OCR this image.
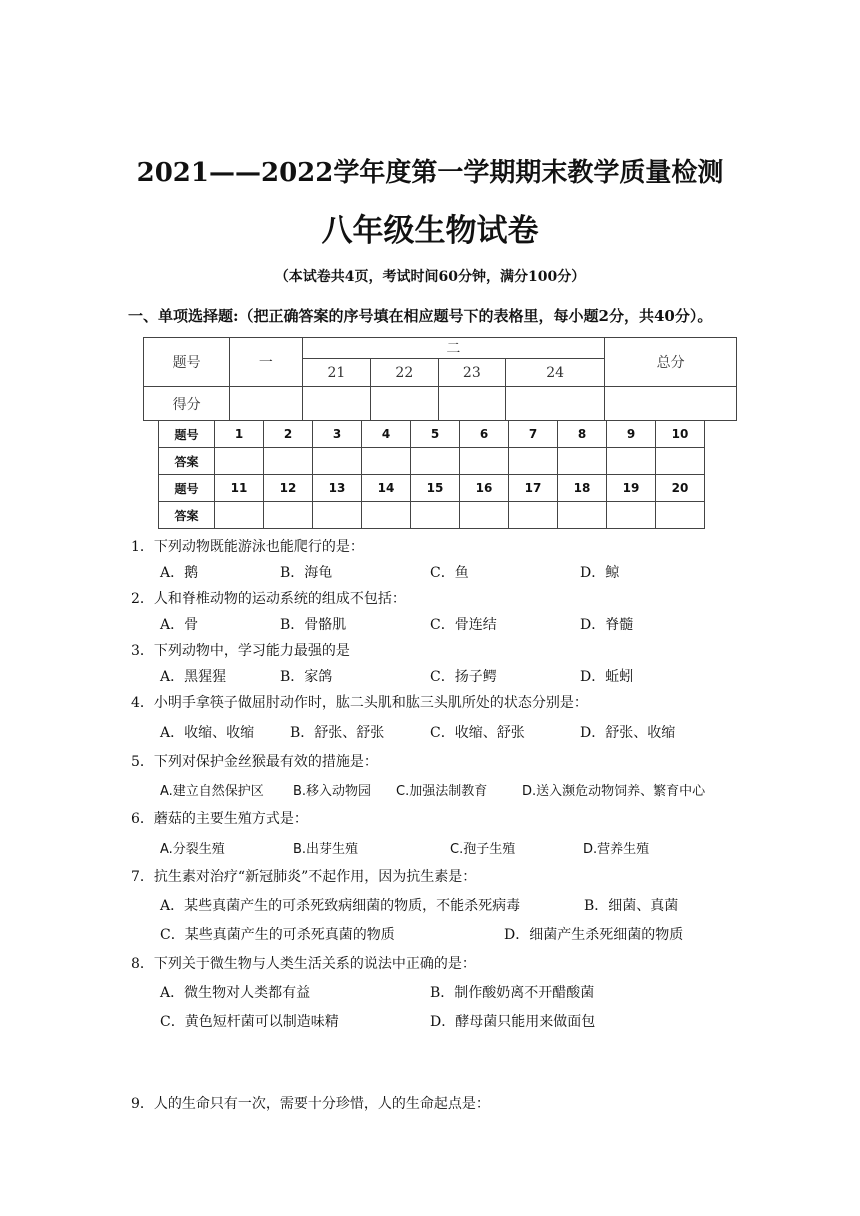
2021——2022学年度第一学期期末教学质量检测
八年级生物试卷
（本试卷共4页，考试时间60分钟，满分100分）
一、单项选择题:（把正确答案的序号填在相应题号下的表格里，每小题2分，共40分）。
题号	一	二				总分
		21	22	23	24	
得分						
题号	1	2	3	4	5	6	7	8	9	10
答案										
题号	11	12	13	14	15	16	17	18	19	20
答案										
1．下列动物既能游泳也能爬行的是：
A．鹅	B．海龟	C．鱼	D．鲸
2．人和脊椎动物的运动系统的组成不包括：
A．骨	B．骨骼肌	C．骨连结	D．脊髓
3．下列动物中，学习能力最强的是
A．黑猩猩	B．家鸽	C．扬子鳄	D．蚯蚓
4．小明手拿筷子做屈肘动作时，肱二头肌和肱三头肌所处的状态分别是：
A．收缩、收缩	B．舒张、舒张	C．收缩、舒张	D．舒张、收缩
5．下列对保护金丝猴最有效的措施是：
A.建立自然保护区 B.移入动物园 C.加强法制教育	D.送入濒危动物饲养、繁育中心
6．蘑菇的主要生殖方式是：
A.分裂生殖	B.出芽生殖	C.孢子生殖	D.营养生殖
7．抗生素对治疗“新冠肺炎”不起作用，因为抗生素是：
A．某些真菌产生的可杀死致病细菌的物质，不能杀死病毒	B．细菌、真菌
C．某些真菌产生的可杀死真菌的物质	D．细菌产生杀死细菌的物质
8．下列关于微生物与人类生活关系的说法中正确的是：
A．微生物对人类都有益	B．制作酸奶离不开醋酸菌
C．黄色短杆菌可以制造味精	D．酵母菌只能用来做面包
9．人的生命只有一次，需要十分珍惜，人的生命起点是：
